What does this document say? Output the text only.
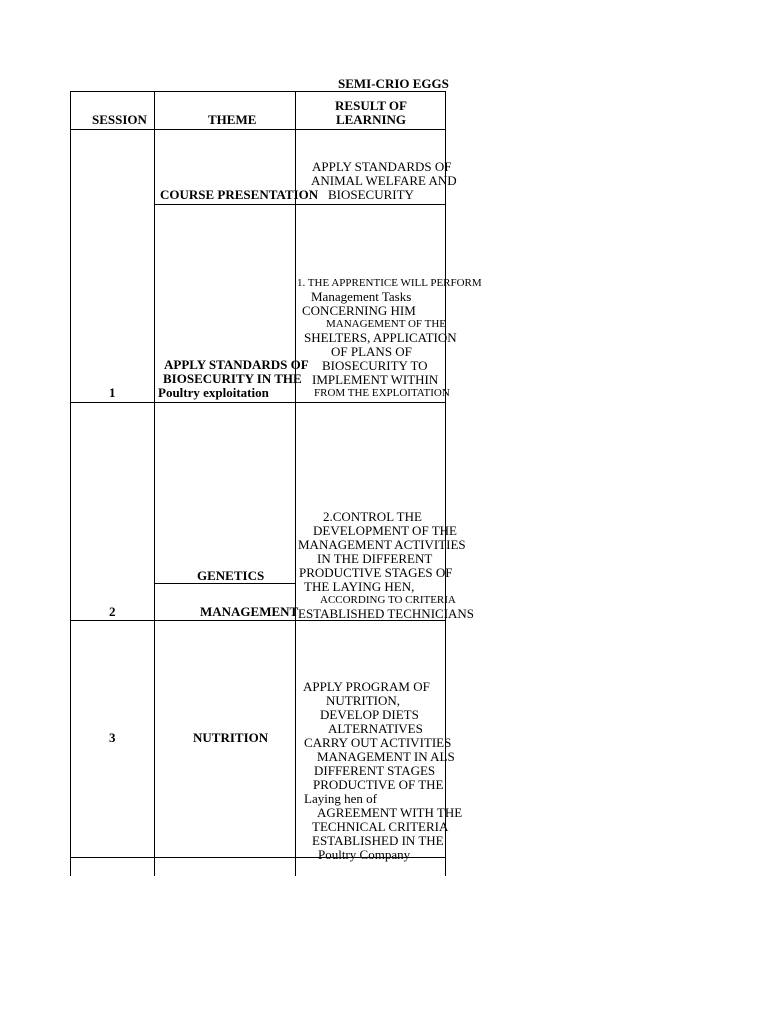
SEMI-CRIO EGGS
SESSION	THEME
RESULT OF
LEARNING
COURSE PRESENTATION
APPLY STANDARDS OF
ANIMAL WELFARE AND
BIOSECURITY
1
APPLY STANDARDS OF
BIOSECURITY IN THE
Poultry exploitation
1. THE APPRENTICE WILL PERFORM
Management Tasks
CONCERNING HIM
MANAGEMENT OF THE
SHELTERS, APPLICATION
OF PLANS OF
BIOSECURITY TO
IMPLEMENT WITHIN
FROM THE EXPLOITATION
2
GENETICS
MANAGEMENT
2.CONTROL THE
DEVELOPMENT OF THE
MANAGEMENT ACTIVITIES
IN THE DIFFERENT
PRODUCTIVE STAGES OF
THE LAYING HEN,
ACCORDING TO CRITERIA
ESTABLISHED TECHNICIANS
3	NUTRITION
APPLY PROGRAM OF
NUTRITION,
DEVELOP DIETS
ALTERNATIVES
CARRY OUT ACTIVITIES
MANAGEMENT IN ALS
DIFFERENT STAGES
PRODUCTIVE OF THE
Laying hen of
AGREEMENT WITH THE
TECHNICAL CRITERIA
ESTABLISHED IN THE
Poultry Company
